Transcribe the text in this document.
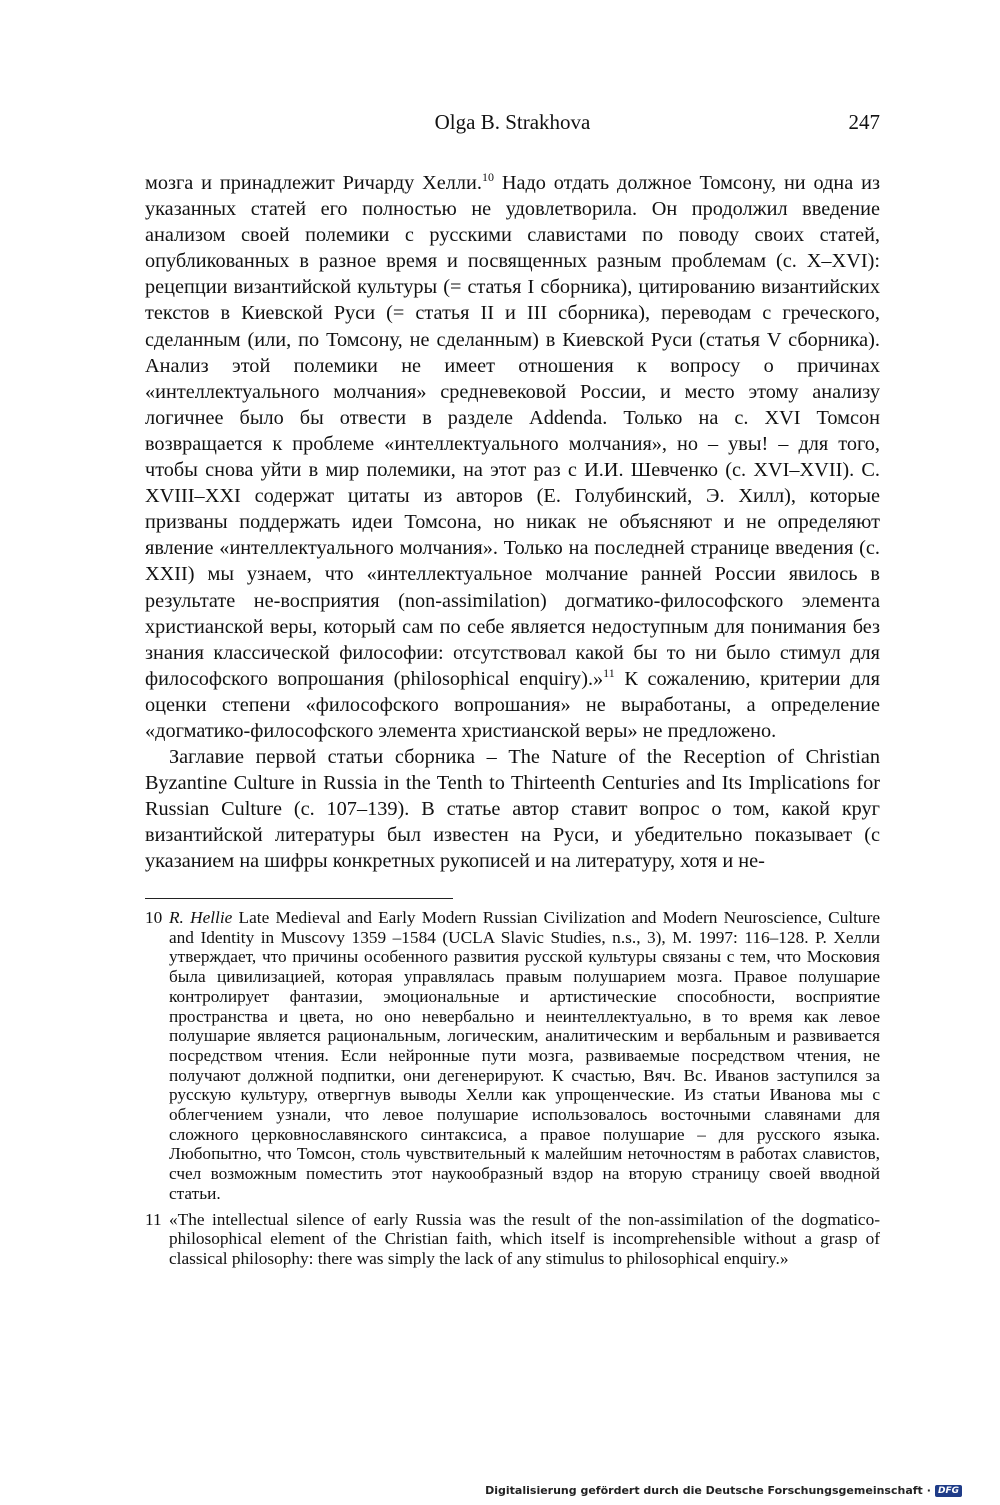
Olga B. Strakhova	247

мозга и принадлежит Ричарду Хелли.$^{10}$ Надо отдать должное Томсону, ни одна из указанных статей его полностью не удовлетворила. Он продолжил введение анализом своей полемики с русскими славистами по поводу своих статей, опубликованных в разное время и посвященных разным проблемам (с. X–XVI): рецепции византийской культуры (= статья I сборника), цитированию византийских текстов в Киевской Руси (= статья II и III сборника), переводам с греческого, сделанным (или, по Томсону, не сделанным) в Киевской Руси (статья V сборника). Анализ этой полемики не имеет отношения к вопросу о причинах «интеллектуального молчания» средневековой России, и место этому анализу логичнее было бы отвести в разделе Addenda. Только на с. XVI Томсон возвращается к проблеме «интеллектуального молчания», но – увы! – для того, чтобы снова уйти в мир полемики, на этот раз с И.И. Шевченко (с. XVI–XVII). С. XVIII–XXI содержат цитаты из авторов (Е. Голубинский, Э. Хилл), которые призваны поддержать идеи Томсона, но никак не объясняют и не определяют явление «интеллектуального молчания». Только на последней странице введения (с. XXII) мы узнаем, что «интеллектуальное молчание ранней России явилось в результате не-восприятия (non-assimilation) догматико-философского элемента христианской веры, который сам по себе является недоступным для понимания без знания классической философии: отсутствовал какой бы то ни было стимул для философского вопрошания (philosophical enquiry).»$^{11}$ К сожалению, критерии для оценки степени «философского вопрошания» не выработаны, а определение «догматико-философского элемента христианской веры» не предложено.

Заглавие первой статьи сборника – The Nature of the Reception of Christian Byzantine Culture in Russia in the Tenth to Thirteenth Centuries and Its Implications for Russian Culture (c. 107–139). В статье автор ставит вопрос о том, какой круг византийской литературы был известен на Руси, и убедительно показывает (с указанием на шифры конкретных рукописей и на литературу, хотя и не-

10 R. Hellie Late Medieval and Early Modern Russian Civilization and Modern Neuroscience, Culture and Identity in Muscovy 1359 –1584 (UCLA Slavic Studies, n.s., 3), M. 1997: 116–128. Р. Хелли утверждает, что причины особенного развития русской культуры связаны с тем, что Московия была цивилизацией, которая управлялась правым полушарием мозга. Правое полушарие контролирует фантазии, эмоциональные и артистические способности, восприятие пространства и цвета, но оно невербально и неинтеллектуально, в то время как левое полушарие является рациональным, логическим, аналитическим и вербальным и развивается посредством чтения. Если нейронные пути мозга, развиваемые посредством чтения, не получают должной подпитки, они дегенерируют. К счастью, Вяч. Вс. Иванов заступился за русскую культуру, отвергнув выводы Хелли как упрощенческие. Из статьи Иванова мы с облегчением узнали, что левое полушарие использовалось восточными славянами для сложного церковнославянского синтаксиса, а правое полушарие – для русского языка. Любопытно, что Томсон, столь чувствительный к малейшим неточностям в работах славистов, счел возможным поместить этот наукообразный вздор на вторую страницу своей вводной статьи.
11 «The intellectual silence of early Russia was the result of the non-assimilation of the dogmatico-philosophical element of the Christian faith, which itself is incomprehensible without a grasp of classical philosophy: there was simply the lack of any stimulus to philosophical enquiry.»
Digitalisierung gefördert durch die Deutsche Forschungsgemeinschaft · DFG
